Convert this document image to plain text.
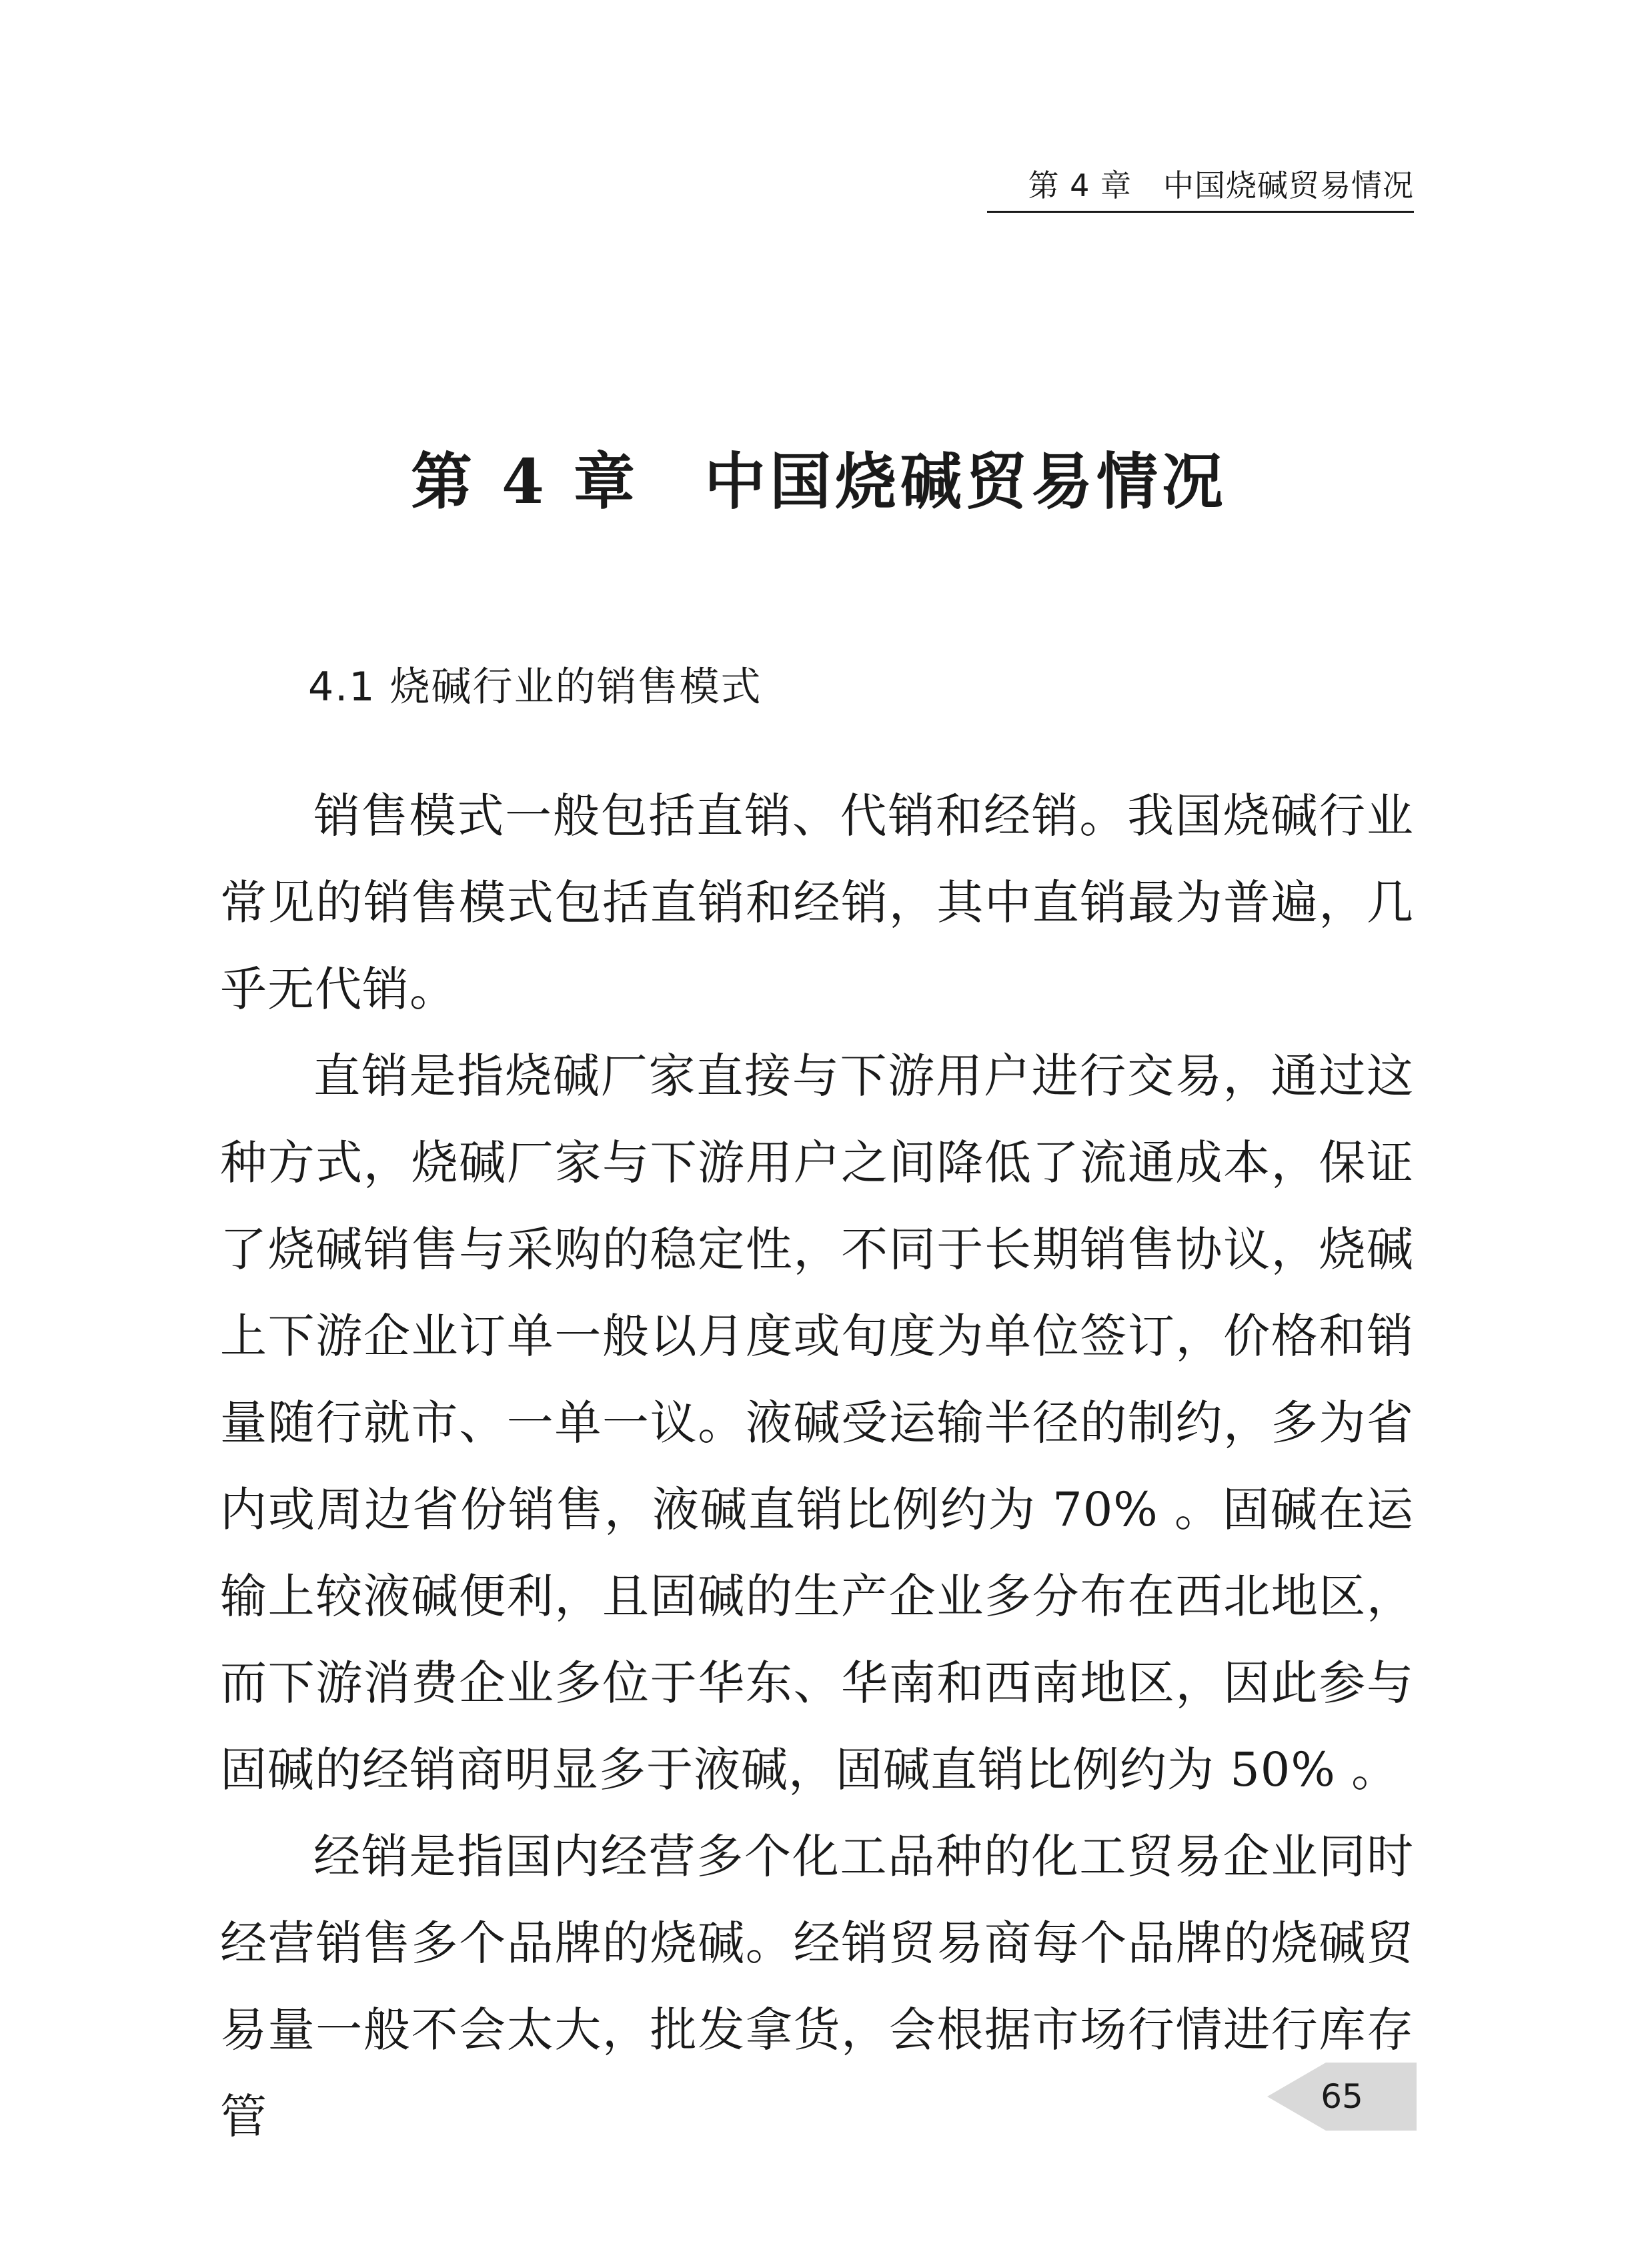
第 4 章　中国烧碱贸易情况
第 4 章　中国烧碱贸易情况
4.1 烧碱行业的销售模式

销售模式一般包括直销、代销和经销。我国烧碱行业常见的销售模式包括直销和经销，其中直销最为普遍，几乎无代销。

直销是指烧碱厂家直接与下游用户进行交易，通过这种方式，烧碱厂家与下游用户之间降低了流通成本，保证了烧碱销售与采购的稳定性，不同于长期销售协议，烧碱上下游企业订单一般以月度或旬度为单位签订，价格和销量随行就市、一单一议。液碱受运输半径的制约，多为省内或周边省份销售，液碱直销比例约为 70% 。固碱在运输上较液碱便利，且固碱的生产企业多分布在西北地区，而下游消费企业多位于华东、华南和西南地区，因此参与固碱的经销商明显多于液碱，固碱直销比例约为 50% 。

经销是指国内经营多个化工品种的化工贸易企业同时经营销售多个品牌的烧碱。经销贸易商每个品牌的烧碱贸易量一般不会太大，批发拿货，会根据市场行情进行库存管	65
